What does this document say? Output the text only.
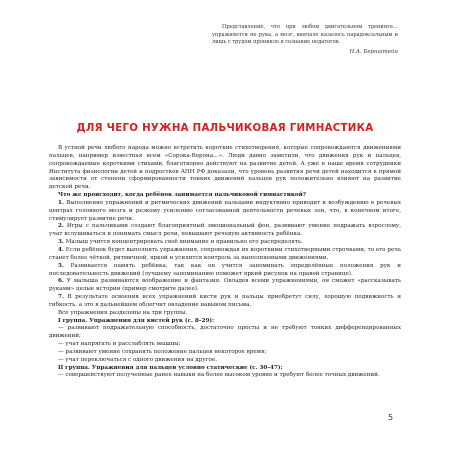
Представление, что при любом двигательном тренинге… упражняется не рука, а мозг, вначале казалось парадоксальным и лишь с трудом проникло в сознание педагогов.

Н.А. Бернштейн
ДЛЯ ЧЕГО НУЖНА ПАЛЬЧИКОВАЯ ГИМНАСТИКА

В устной речи любого народа можно встретить короткие стихотворения, которые сопровождаются движениями пальцев, например известная всем «Сорока-Ворона…». Люди давно заметили, что движения рук и пальцев, сопровождаемые короткими стихами, благотворно действуют на развитие детей. А уже в наше время сотрудники Института физиологии детей и подростков АПН РФ доказали, что уровень развития речи детей находится в прямой зависимости от степени сформированности тонких движений пальцев рук положительно влияют на развитие детской речи.

Что же происходит, когда ребёнок занимается пальчиковой гимнастикой?

1. Выполнение упражнений и ритмических движений пальцами индуктивно приводит к возбуждению в речевых центрах головного мозга и резкому усилению согласованной деятельности речевых зон, что, в конечном итоге, стимулирует развитие речи.

2. Игры с пальчиками создают благоприятный эмоциональный фон, развивают умение подражать взрослому, учат вслушиваться и понимать смысл речи, повышают речевую активность ребёнка.

3. Малыш учится концентрировать своё внимание и правильно его распределять.

4. Если ребёнок будет выполнять упражнения, сопровождая их короткими стихотворными строчками, то его речь станет более чёткой, ритмичной, яркой и усилится контроль за выполняемыми движениями.

5. Развивается память ребёнка, так как он учится запоминать определённые положения рук и последовательность движений (лучшему запоминанию поможет яркий рисунок на правой странице).

6. У малыша развиваются воображение и фантазия. Овладев всеми упражнениями, он сможет «рассказывать руками» целые истории (пример смотрите далее).

7. В результате освоения всех упражнений кисти рук и пальцы приобретут силу, хорошую подвижность и гибкость, а это в дальнейшем облегчит овладение навыком письма.

Все упражнения разделены на три группы.

I группа. Упражнения для кистей рук (с. 8–29):

— развивают подражательную способность, достаточно просты и не требуют тонких дифференцированных движений;

— учат напрягать и расслаблять мышцы;

— развивают умение сохранять положение пальцев некоторое время;

— учат переключаться с одного движения на другое.

II группа. Упражнения для пальцев условно статические (с. 30–47):

— совершенствуют полученные ранее навыки на более высоком уровне и требуют более точных движений.

5
